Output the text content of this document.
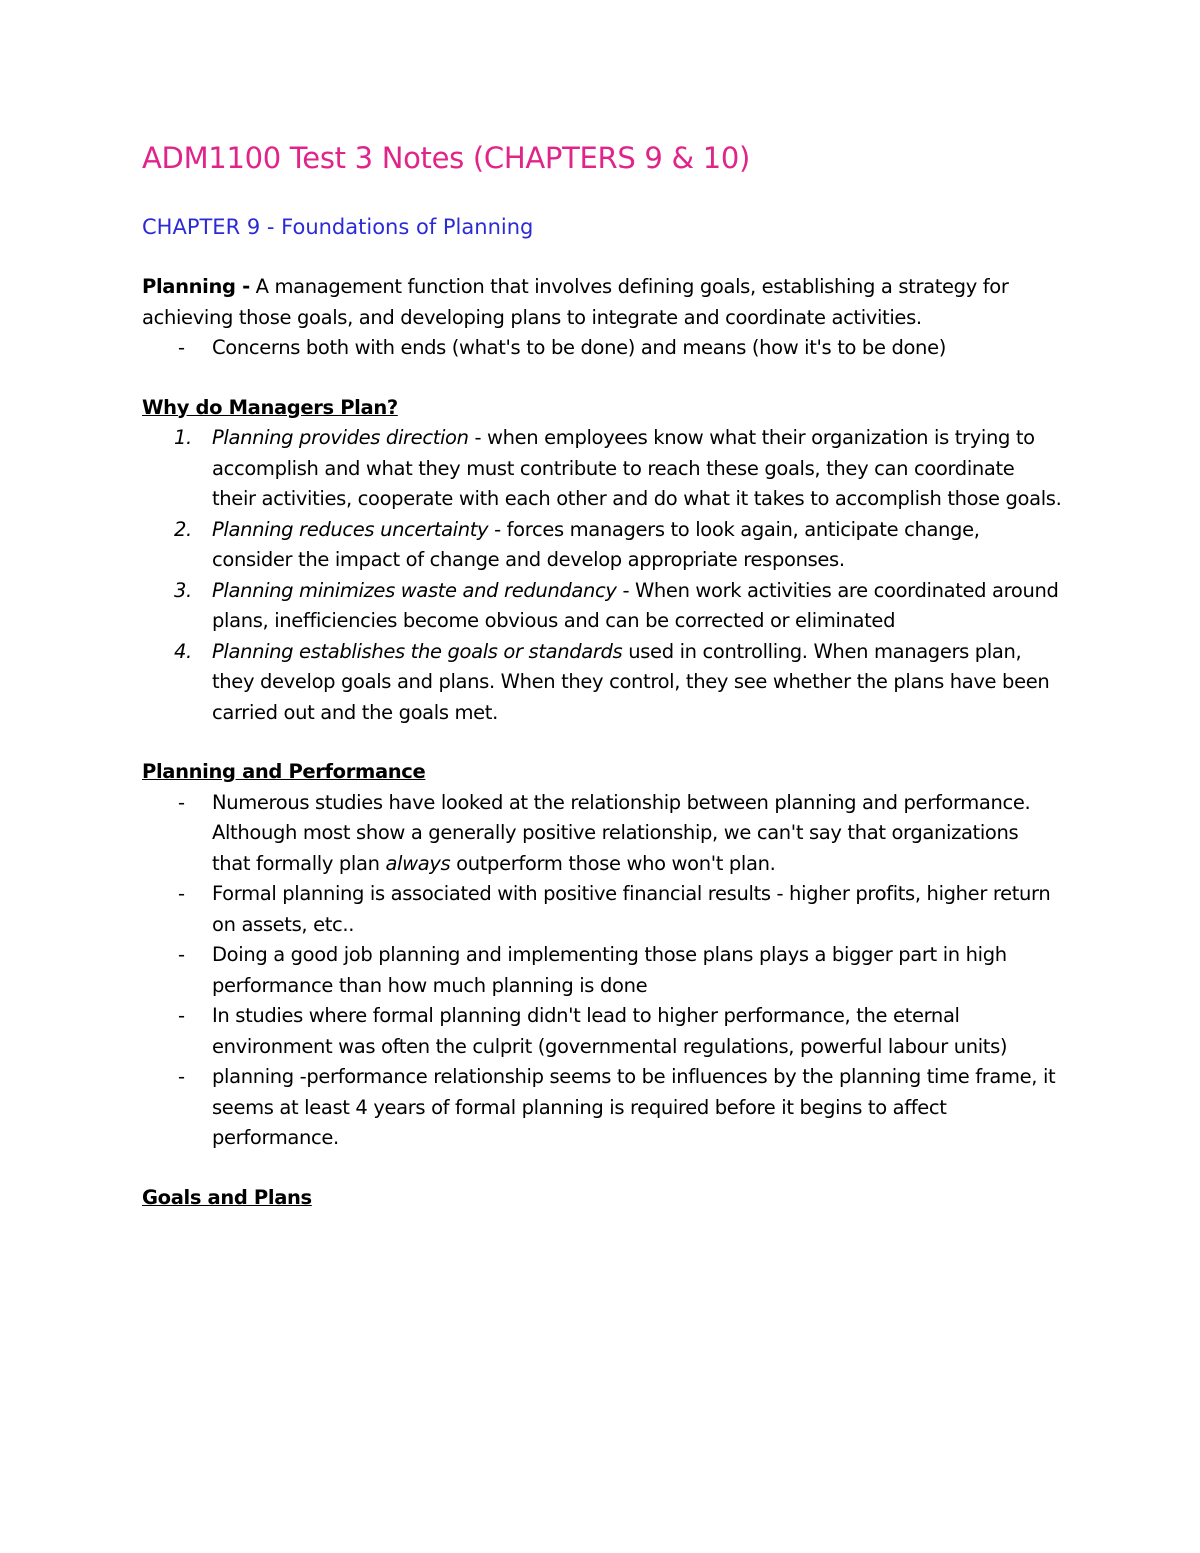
ADM1100 Test 3 Notes (CHAPTERS 9 & 10)
CHAPTER 9 - Foundations of Planning

Planning - A management function that involves defining goals, establishing a strategy for achieving those goals, and developing plans to integrate and coordinate activities.

-	Concerns both with ends (what's to be done) and means (how it's to be done)
Why do Managers Plan?
1.	Planning provides direction - when employees know what their organization is trying to accomplish and what they must contribute to reach these goals, they can coordinate their activities, cooperate with each other and do what it takes to accomplish those goals.
2.	Planning reduces uncertainty - forces managers to look again, anticipate change, consider the impact of change and develop appropriate responses.
3.	Planning minimizes waste and redundancy - When work activities are coordinated around plans, inefficiencies become obvious and can be corrected or eliminated
4.	Planning establishes the goals or standards used in controlling. When managers plan, they develop goals and plans. When they control, they see whether the plans have been carried out and the goals met.
Planning and Performance
-	Numerous studies have looked at the relationship between planning and performance. Although most show a generally positive relationship, we can't say that organizations that formally plan always outperform those who won't plan.
-	Formal planning is associated with positive financial results - higher profits, higher return on assets, etc..
-	Doing a good job planning and implementing those plans plays a bigger part in high performance than how much planning is done
-	In studies where formal planning didn't lead to higher performance, the eternal environment was often the culprit (governmental regulations, powerful labour units)
-	planning -performance relationship seems to be influences by the planning time frame, it seems at least 4 years of formal planning is required before it begins to affect performance.
Goals and Plans
